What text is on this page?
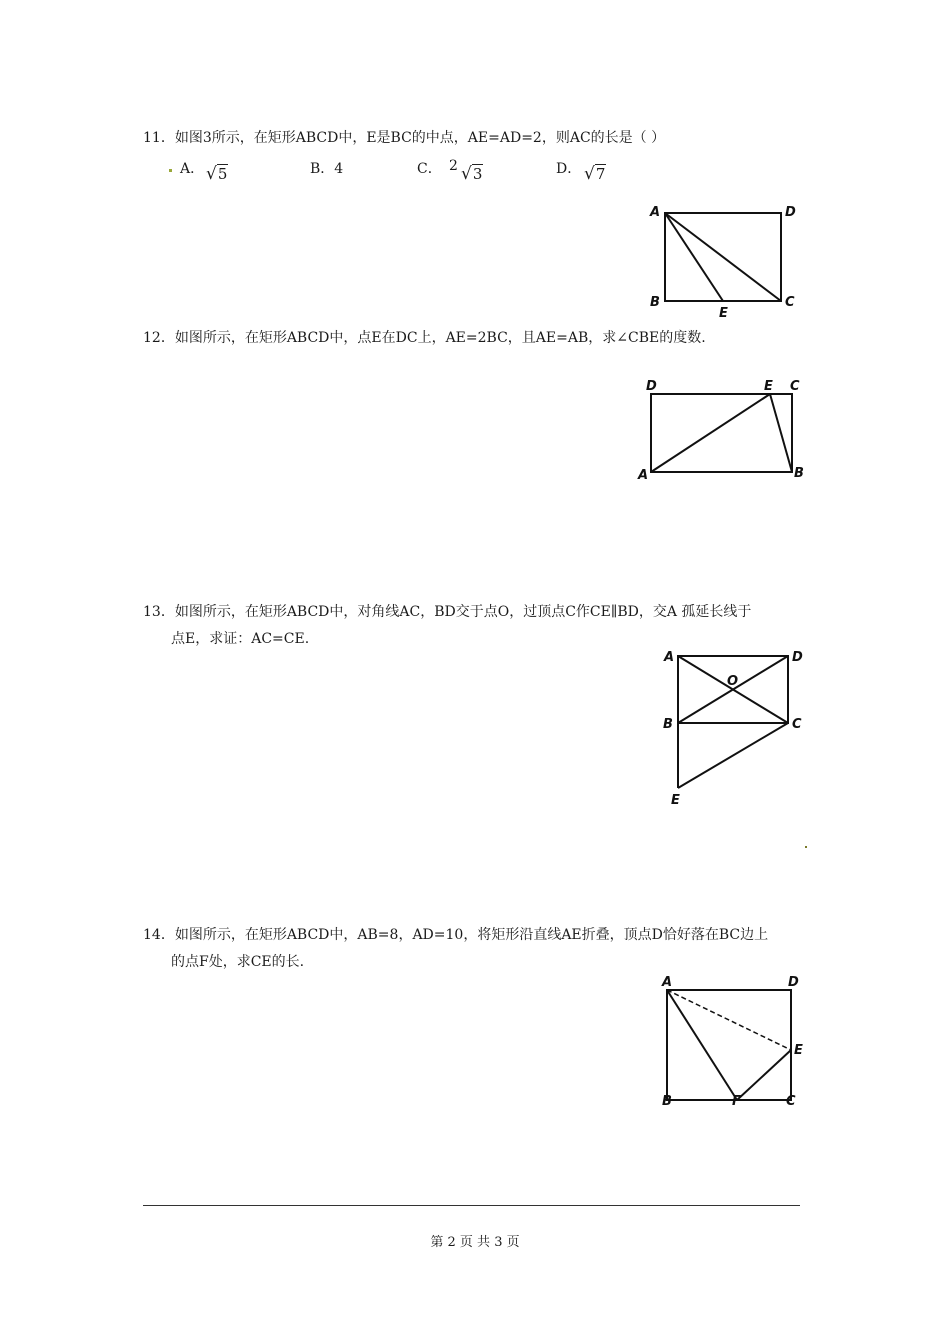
11．如图3所示，在矩形ABCD中，E是BC的中点，AE=AD=2，则AC的长是（ ）
A． √5	B．4	C． 2 √3	D． √7
A	D
B	C
E
12．如图所示，在矩形ABCD中，点E在DC上，AE=2BC，且AE=AB，求∠CBE的度数.
D	E C
A	B
13．如图所示，在矩形ABCD中，对角线AC，BD交于点O，过顶点C作CE∥BD，交A 孤延长线于
点E，求证：AC=CE.
A	D
O
B	C
E
14．如图所示，在矩形ABCD中，AB=8，AD=10，将矩形沿直线AE折叠，顶点D恰好落在BC边上
的点F处，求CE的长.
A	D
E
B	F	C
第 2 页 共 3 页
